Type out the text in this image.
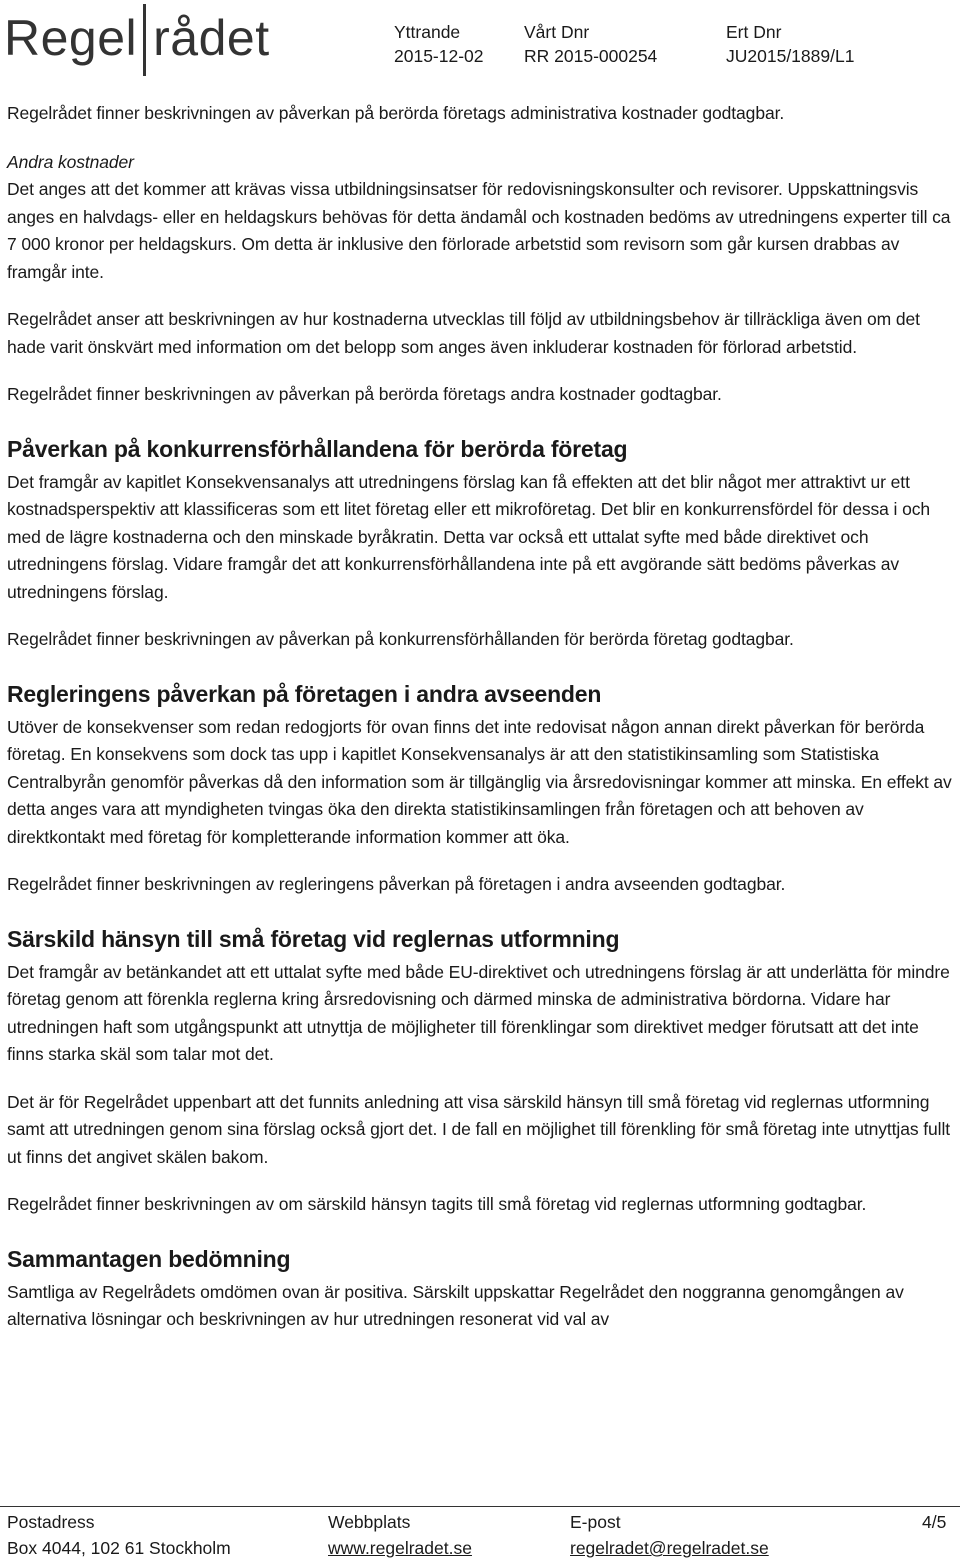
Regel rådet	Yttrande
2015-12-02
Vårt Dnr
RR 2015-000254
Ert Dnr
JU2015/1889/L1

Regelrådet finner beskrivningen av påverkan på berörda företags administrativa kostnader godtagbar.

Andra kostnader

Det anges att det kommer att krävas vissa utbildningsinsatser för redovisningskonsulter och revisorer. Uppskattningsvis anges en halvdags- eller en heldagskurs behövas för detta ändamål och kostnaden bedöms av utredningens experter till ca 7 000 kronor per heldagskurs. Om detta är inklusive den förlorade arbetstid som revisorn som går kursen drabbas av framgår inte.

Regelrådet anser att beskrivningen av hur kostnaderna utvecklas till följd av utbildningsbehov är tillräckliga även om det hade varit önskvärt med information om det belopp som anges även inkluderar kostnaden för förlorad arbetstid.

Regelrådet finner beskrivningen av påverkan på berörda företags andra kostnader godtagbar.

Påverkan på konkurrensförhållandena för berörda företag

Det framgår av kapitlet Konsekvensanalys att utredningens förslag kan få effekten att det blir något mer attraktivt ur ett kostnadsperspektiv att klassificeras som ett litet företag eller ett mikroföretag. Det blir en konkurrensfördel för dessa i och med de lägre kostnaderna och den minskade byråkratin. Detta var också ett uttalat syfte med både direktivet och utredningens förslag. Vidare framgår det att konkurrensförhållandena inte på ett avgörande sätt bedöms påverkas av utredningens förslag.

Regelrådet finner beskrivningen av påverkan på konkurrensförhållanden för berörda företag godtagbar.

Regleringens påverkan på företagen i andra avseenden

Utöver de konsekvenser som redan redogjorts för ovan finns det inte redovisat någon annan direkt påverkan för berörda företag. En konsekvens som dock tas upp i kapitlet Konsekvensanalys är att den statistikinsamling som Statistiska Centralbyrån genomför påverkas då den information som är tillgänglig via årsredovisningar kommer att minska. En effekt av detta anges vara att myndigheten tvingas öka den direkta statistikinsamlingen från företagen och att behoven av direktkontakt med företag för kompletterande information kommer att öka.

Regelrådet finner beskrivningen av regleringens påverkan på företagen i andra avseenden godtagbar.

Särskild hänsyn till små företag vid reglernas utformning

Det framgår av betänkandet att ett uttalat syfte med både EU-direktivet och utredningens förslag är att underlätta för mindre företag genom att förenkla reglerna kring årsredovisning och därmed minska de administrativa bördorna. Vidare har utredningen haft som utgångspunkt att utnyttja de möjligheter till förenklingar som direktivet medger förutsatt att det inte finns starka skäl som talar mot det.

Det är för Regelrådet uppenbart att det funnits anledning att visa särskild hänsyn till små företag vid reglernas utformning samt att utredningen genom sina förslag också gjort det. I de fall en möjlighet till förenkling för små företag inte utnyttjas fullt ut finns det angivet skälen bakom.

Regelrådet finner beskrivningen av om särskild hänsyn tagits till små företag vid reglernas utformning godtagbar.

Sammantagen bedömning

Samtliga av Regelrådets omdömen ovan är positiva. Särskilt uppskattar Regelrådet den noggranna genomgången av alternativa lösningar och beskrivningen av hur utredningen resonerat vid val av

Postadress
Box 4044, 102 61 Stockholm
Webbplats
www.regelradet.se
E-post
regelradet@regelradet.se
4/5
